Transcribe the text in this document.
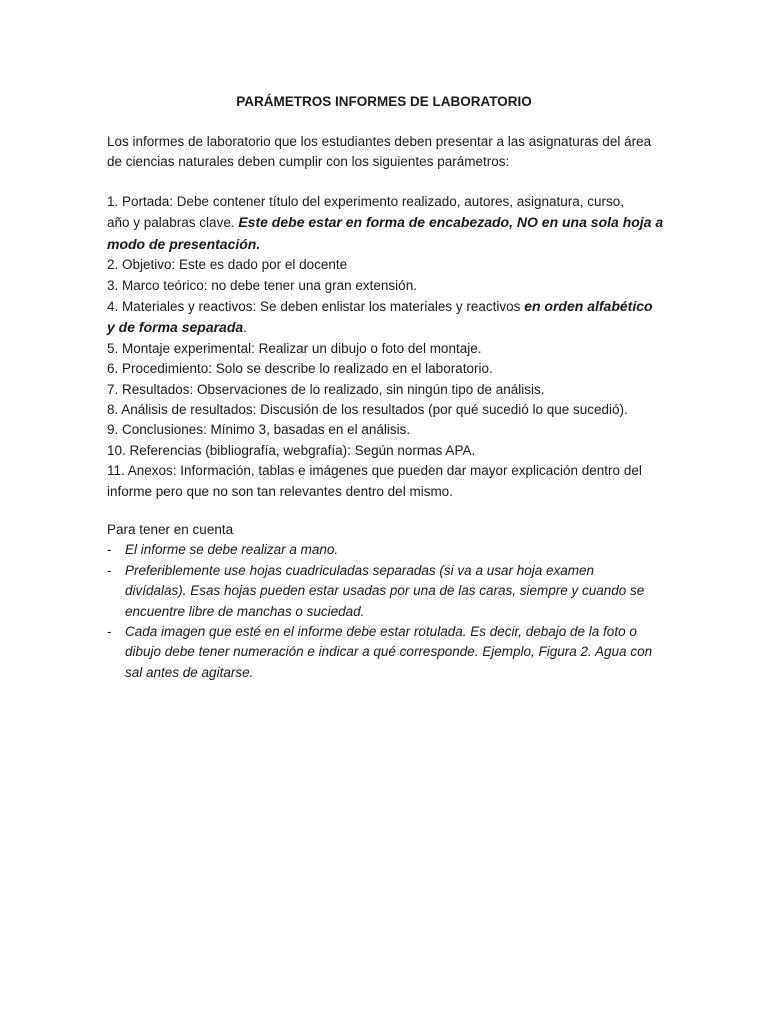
PARÁMETROS INFORMES DE LABORATORIO
Los informes de laboratorio que los estudiantes deben presentar a las asignaturas del área
de ciencias naturales deben cumplir con los siguientes parámetros:
1. Portada: Debe contener título del experimento realizado, autores, asignatura, curso,
año y palabras clave. Este debe estar en forma de encabezado, NO en una sola hoja a
modo de presentación.
2. Objetivo: Este es dado por el docente
3. Marco teórico: no debe tener una gran extensión.
4. Materiales y reactivos: Se deben enlistar los materiales y reactivos en orden alfabético
y de forma separada.
5. Montaje experimental: Realizar un dibujo o foto del montaje.
6. Procedimiento: Solo se describe lo realizado en el laboratorio.
7. Resultados: Observaciones de lo realizado, sin ningún tipo de análisis.
8. Análisis de resultados: Discusión de los resultados (por qué sucedió lo que sucedió).
9. Conclusiones: Mínimo 3, basadas en el análisis.
10. Referencias (bibliografía, webgrafía): Según normas APA.
11. Anexos: Información, tablas e imágenes que pueden dar mayor explicación dentro del
informe pero que no son tan relevantes dentro del mismo.
Para tener en cuenta
- El informe se debe realizar a mano.
- Preferiblemente use hojas cuadriculadas separadas (si va a usar hoja examen
divídalas). Esas hojas pueden estar usadas por una de las caras, siempre y cuando se
encuentre libre de manchas o suciedad.
- Cada imagen que esté en el informe debe estar rotulada. Es decir, debajo de la foto o
dibujo debe tener numeración e indicar a qué corresponde. Ejemplo, Figura 2. Agua con
sal antes de agitarse.
